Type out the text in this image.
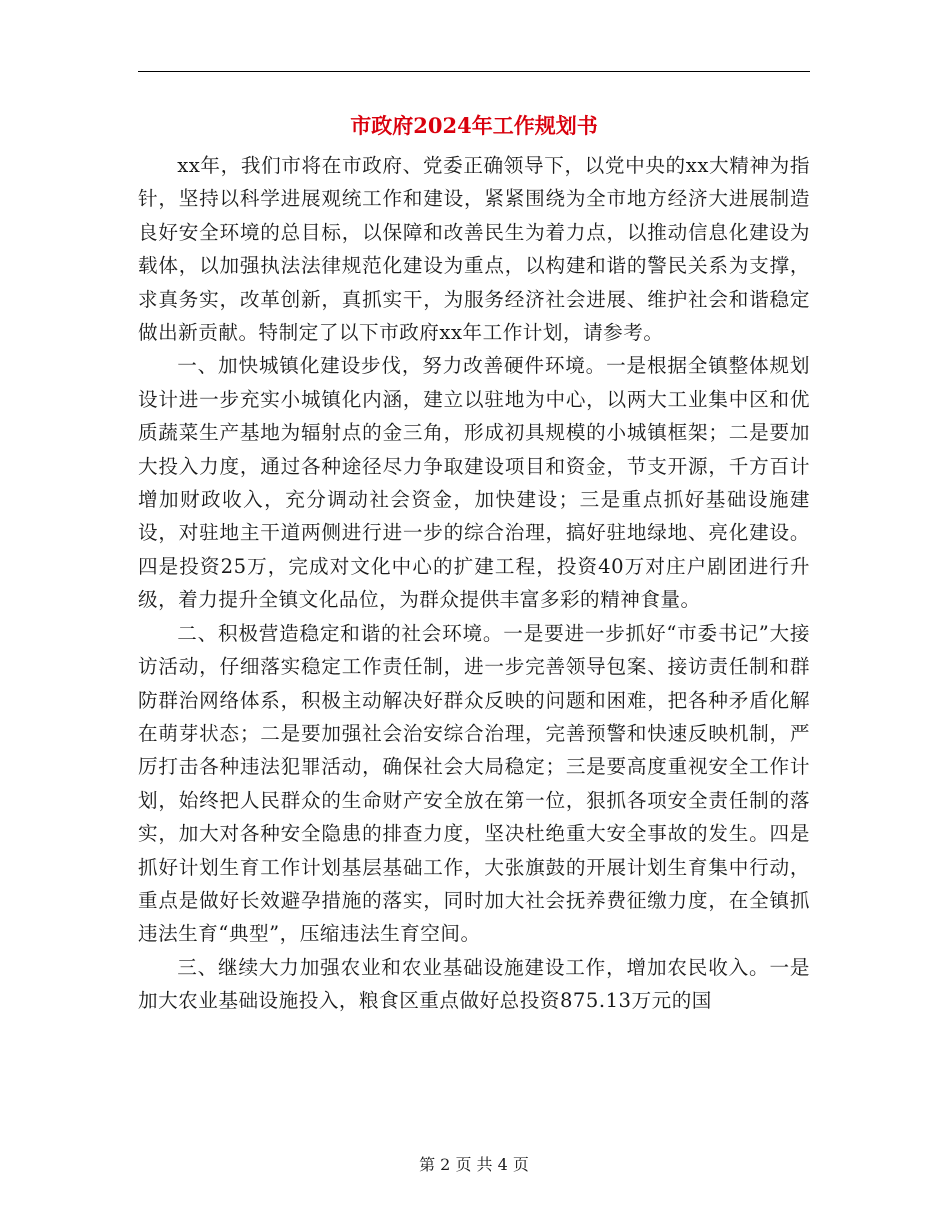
市政府2024年工作规划书

xx年，我们市将在市政府、党委正确领导下，以党中央的xx大精神为指针，坚持以科学进展观统工作和建设，紧紧围绕为全市地方经济大进展制造良好安全环境的总目标，以保障和改善民生为着力点，以推动信息化建设为载体，以加强执法法律规范化建设为重点，以构建和谐的警民关系为支撑，求真务实，改革创新，真抓实干，为服务经济社会进展、维护社会和谐稳定做出新贡献。特制定了以下市政府xx年工作计划，请参考。

一、加快城镇化建设步伐，努力改善硬件环境。一是根据全镇整体规划设计进一步充实小城镇化内涵，建立以驻地为中心，以两大工业集中区和优质蔬菜生产基地为辐射点的金三角，形成初具规模的小城镇框架；二是要加大投入力度，通过各种途径尽力争取建设项目和资金，节支开源，千方百计增加财政收入，充分调动社会资金，加快建设；三是重点抓好基础设施建设，对驻地主干道两侧进行进一步的综合治理，搞好驻地绿地、亮化建设。四是投资25万，完成对文化中心的扩建工程，投资40万对庄户剧团进行升级，着力提升全镇文化品位，为群众提供丰富多彩的精神食量。

二、积极营造稳定和谐的社会环境。一是要进一步抓好“市委书记”大接访活动，仔细落实稳定工作责任制，进一步完善领导包案、接访责任制和群防群治网络体系，积极主动解决好群众反映的问题和困难，把各种矛盾化解在萌芽状态；二是要加强社会治安综合治理，完善预警和快速反映机制，严厉打击各种违法犯罪活动，确保社会大局稳定；三是要高度重视安全工作计划，始终把人民群众的生命财产安全放在第一位，狠抓各项安全责任制的落实，加大对各种安全隐患的排查力度，坚决杜绝重大安全事故的发生。四是抓好计划生育工作计划基层基础工作，大张旗鼓的开展计划生育集中行动，重点是做好长效避孕措施的落实，同时加大社会抚养费征缴力度，在全镇抓违法生育“典型”，压缩违法生育空间。

三、继续大力加强农业和农业基础设施建设工作，增加农民收入。一是加大农业基础设施投入，粮食区重点做好总投资875.13万元的国

第 2 页 共 4 页
